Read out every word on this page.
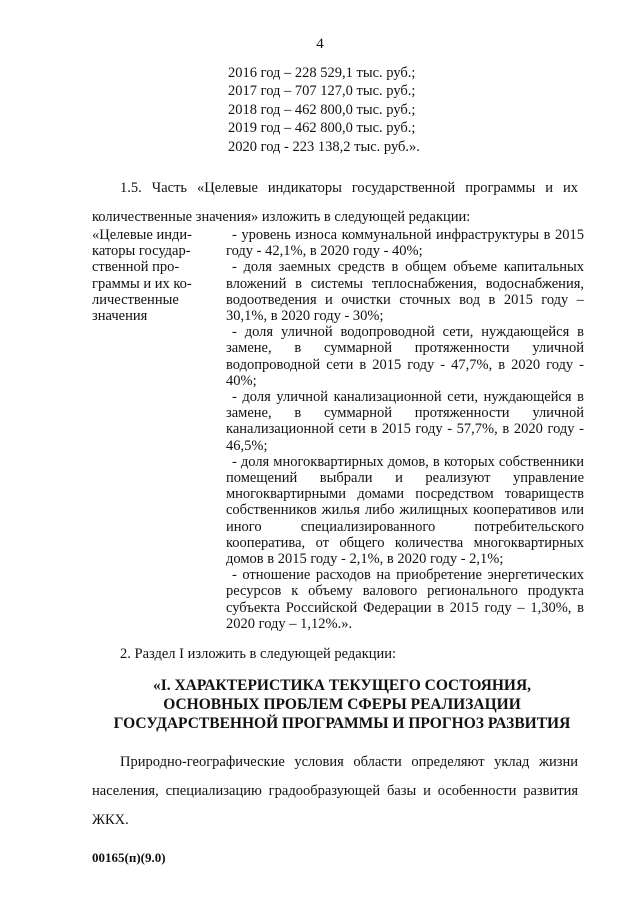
4
2016 год – 228 529,1 тыс. руб.;
2017 год – 707 127,0 тыс. руб.;
2018 год – 462 800,0 тыс. руб.;
2019 год – 462 800,0 тыс. руб.;
2020 год - 223 138,2 тыс. руб.».
1.5. Часть «Целевые индикаторы государственной программы и их количественные значения» изложить в следующей редакции:
«Целевые инди-
каторы государ-
ственной про-
граммы и их ко-
личественные
значения

- уровень износа коммунальной инфраструктуры в 2015 году - 42,1%, в 2020 году - 40%;

- доля заемных средств в общем объеме капитальных вложений в системы теплоснабжения, водоснабжения, водоотведения и очистки сточных вод в 2015 году – 30,1%, в 2020 году - 30%;

- доля уличной водопроводной сети, нуждающейся в замене, в суммарной протяженности уличной водопроводной сети в 2015 году - 47,7%, в 2020 году - 40%;

- доля уличной канализационной сети, нуждающейся в замене, в суммарной протяженности уличной канализационной сети в 2015 году - 57,7%, в 2020 году - 46,5%;

- доля многоквартирных домов, в которых собственники помещений выбрали и реализуют управление многоквартирными домами посредством товариществ собственников жилья либо жилищных кооперативов или иного специализированного потребительского кооператива, от общего количества многоквартирных домов в 2015 году - 2,1%, в 2020 году - 2,1%;

- отношение расходов на приобретение энергетических ресурсов к объему валового регионального продукта субъекта Российской Федерации в 2015 году – 1,30%, в 2020 году – 1,12%.».

2. Раздел I изложить в следующей редакции:
«I. ХАРАКТЕРИСТИКА ТЕКУЩЕГО СОСТОЯНИЯ,
ОСНОВНЫХ ПРОБЛЕМ СФЕРЫ РЕАЛИЗАЦИИ
ГОСУДАРСТВЕННОЙ ПРОГРАММЫ И ПРОГНОЗ РАЗВИТИЯ
Природно-географические условия области определяют уклад жизни населения, специализацию градообразующей базы и особенности развития ЖКХ.
00165(п)(9.0)
